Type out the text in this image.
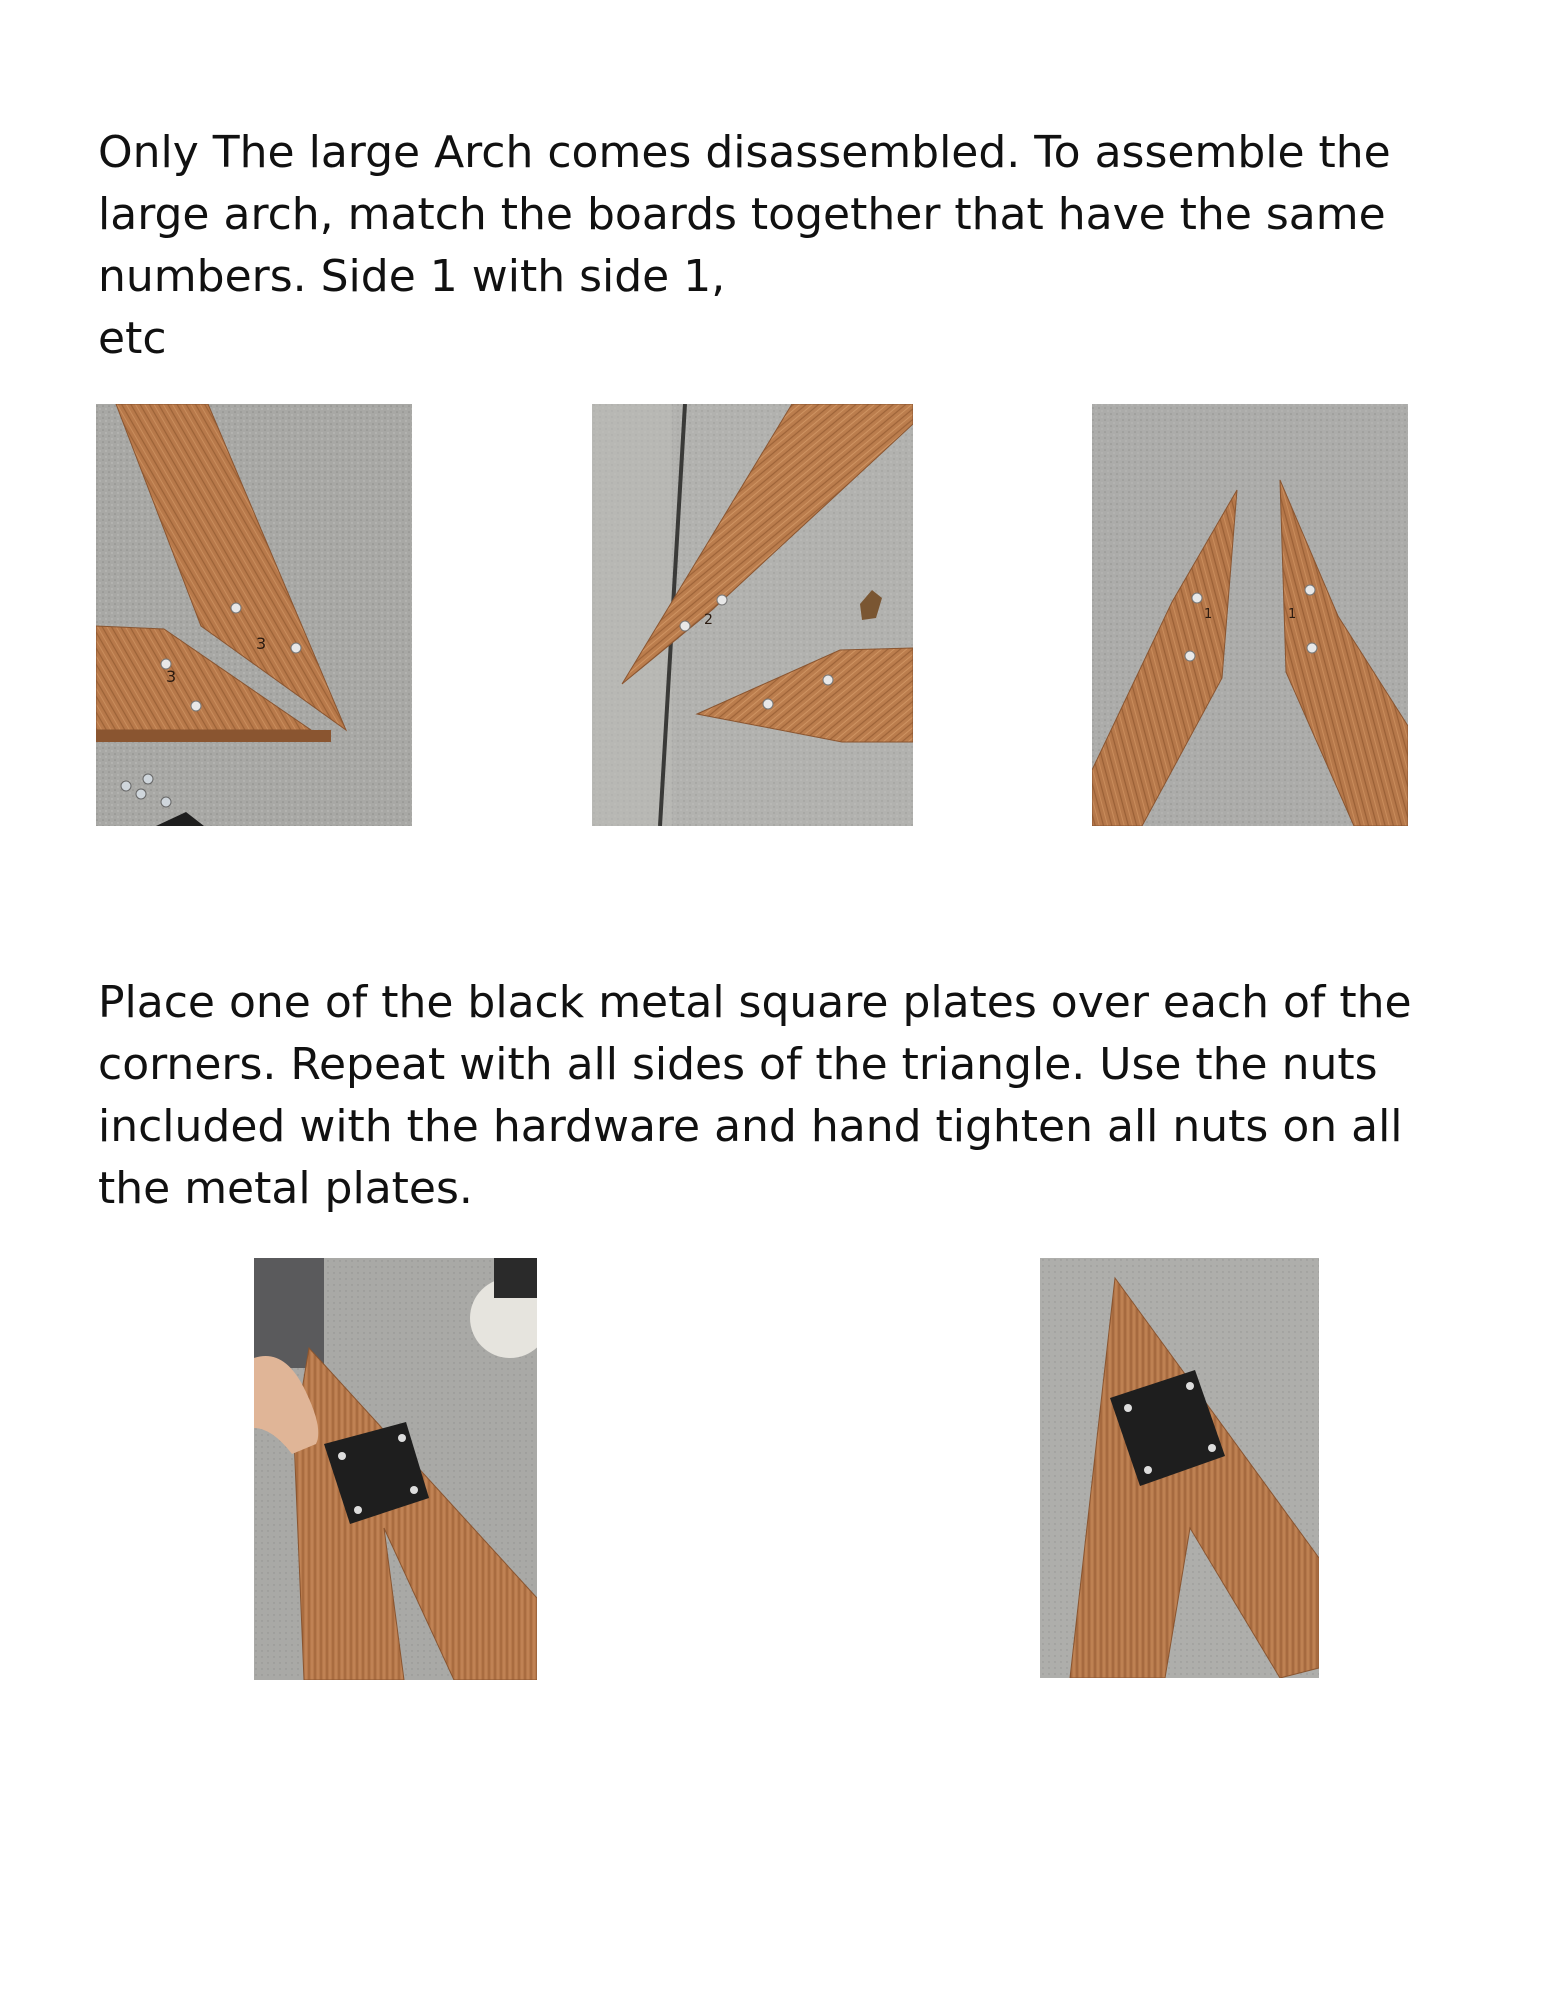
Only The large Arch comes disassembled. To assemble the
large arch, match the boards together that have the same
numbers. Side 1 with side 1,
etc
3
3
2	1	1
Place one of the black metal square plates over each of the
corners. Repeat with all sides of the triangle. Use the nuts
included with the hardware and hand tighten all nuts on all
the metal plates.
